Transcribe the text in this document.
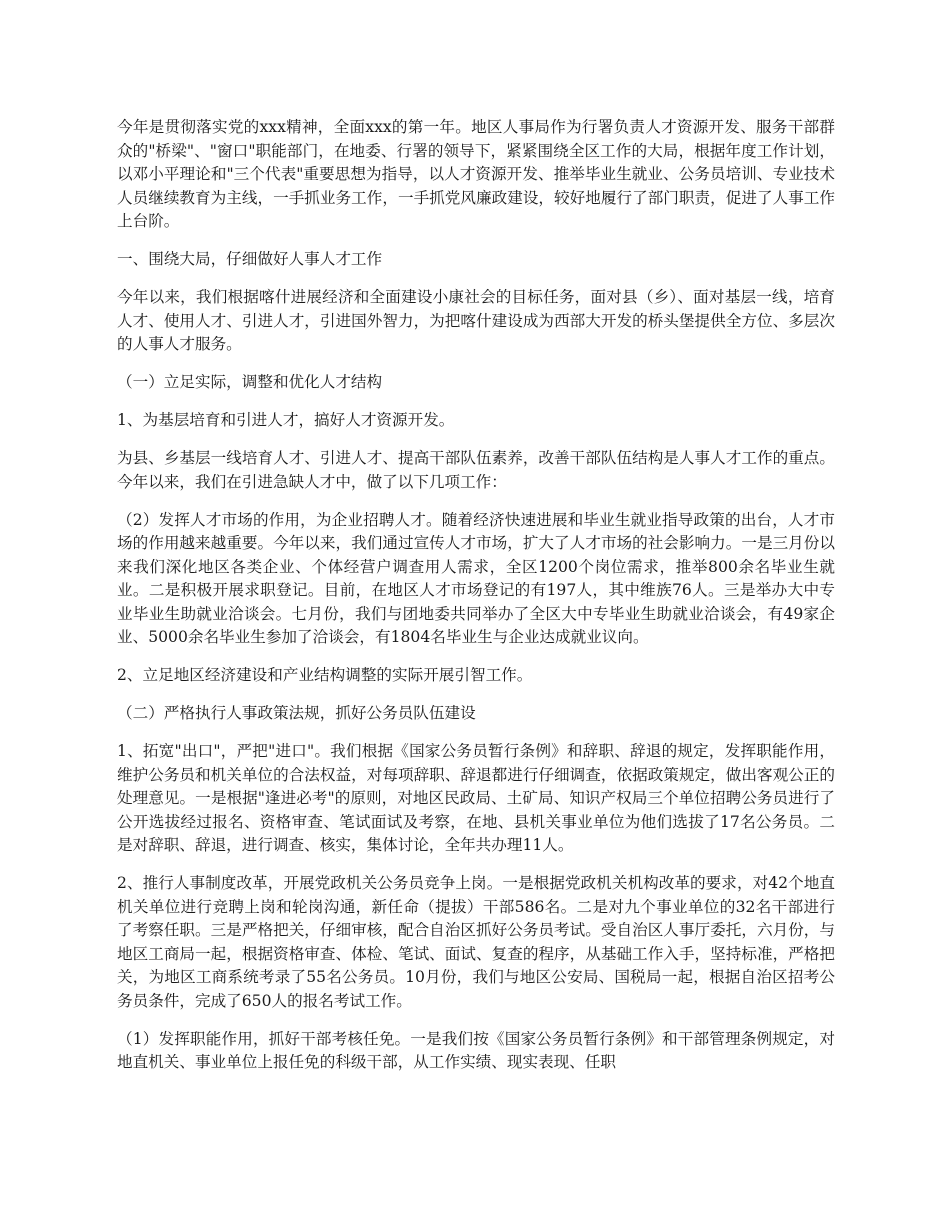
今年是贯彻落实党的xxx精神，全面xxx的第一年。地区人事局作为行署负责人才资源开发、服务干部群众的"桥梁"、"窗口"职能部门，在地委、行署的领导下，紧紧围绕全区工作的大局，根据年度工作计划，以邓小平理论和"三个代表"重要思想为指导，以人才资源开发、推举毕业生就业、公务员培训、专业技术人员继续教育为主线，一手抓业务工作，一手抓党风廉政建设，较好地履行了部门职责，促进了人事工作上台阶。

一、围绕大局，仔细做好人事人才工作

今年以来，我们根据喀什进展经济和全面建设小康社会的目标任务，面对县（乡）、面对基层一线，培育人才、使用人才、引进人才，引进国外智力，为把喀什建设成为西部大开发的桥头堡提供全方位、多层次的人事人才服务。

（一）立足实际，调整和优化人才结构

1、为基层培育和引进人才，搞好人才资源开发。

为县、乡基层一线培育人才、引进人才、提高干部队伍素养，改善干部队伍结构是人事人才工作的重点。今年以来，我们在引进急缺人才中，做了以下几项工作：

（2）发挥人才市场的作用，为企业招聘人才。随着经济快速进展和毕业生就业指导政策的出台，人才市场的作用越来越重要。今年以来，我们通过宣传人才市场，扩大了人才市场的社会影响力。一是三月份以来我们深化地区各类企业、个体经营户调查用人需求，全区1200个岗位需求，推举800余名毕业生就业。二是积极开展求职登记。目前，在地区人才市场登记的有197人，其中维族76人。三是举办大中专业毕业生助就业洽谈会。七月份，我们与团地委共同举办了全区大中专毕业生助就业洽谈会，有49家企业、5000余名毕业生参加了洽谈会，有1804名毕业生与企业达成就业议向。

2、立足地区经济建设和产业结构调整的实际开展引智工作。

（二）严格执行人事政策法规，抓好公务员队伍建设

1、拓宽"出口"，严把"进口"。我们根据《国家公务员暂行条例》和辞职、辞退的规定，发挥职能作用，维护公务员和机关单位的合法权益，对每项辞职、辞退都进行仔细调查，依据政策规定，做出客观公正的处理意见。一是根据"逢进必考"的原则，对地区民政局、土矿局、知识产权局三个单位招聘公务员进行了公开选拔经过报名、资格审查、笔试面试及考察，在地、县机关事业单位为他们选拔了17名公务员。二是对辞职、辞退，进行调查、核实，集体讨论，全年共办理11人。

2、推行人事制度改革，开展党政机关公务员竞争上岗。一是根据党政机关机构改革的要求，对42个地直机关单位进行竞聘上岗和轮岗沟通，新任命（提拔）干部586名。二是对九个事业单位的32名干部进行了考察任职。三是严格把关，仔细审核，配合自治区抓好公务员考试。受自治区人事厅委托，六月份，与地区工商局一起，根据资格审查、体检、笔试、面试、复查的程序，从基础工作入手，坚持标准，严格把关，为地区工商系统考录了55名公务员。10月份，我们与地区公安局、国税局一起，根据自治区招考公务员条件，完成了650人的报名考试工作。

（1）发挥职能作用，抓好干部考核任免。一是我们按《国家公务员暂行条例》和干部管理条例规定，对地直机关、事业单位上报任免的科级干部，从工作实绩、现实表现、任职
